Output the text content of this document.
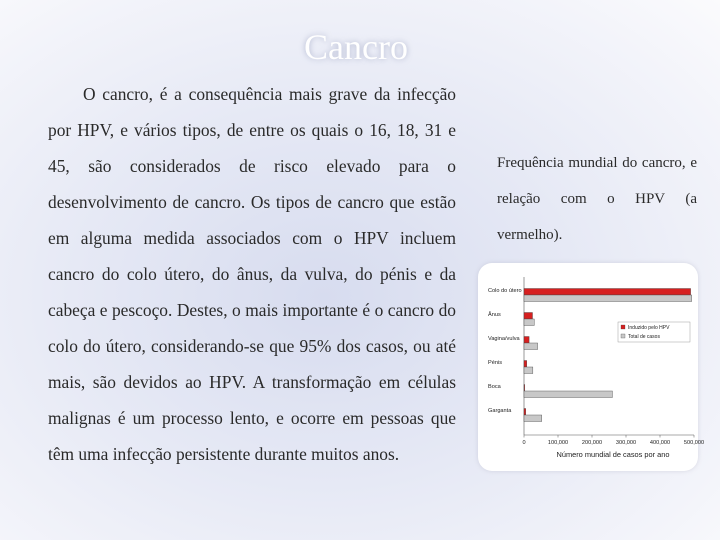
Cancro

O cancro, é a consequência mais grave da infecção por HPV, e vários tipos, de entre os quais o 16, 18, 31 e 45, são considerados de risco elevado para o desenvolvimento de cancro. Os tipos de cancro que estão em alguma medida associados com o HPV incluem cancro do colo útero, do ânus, da vulva, do pénis e da cabeça e pescoço. Destes, o mais importante é o cancro do colo do útero, considerando-se que 95% dos casos, ou até mais, são devidos ao HPV. A transformação em células malignas é um processo lento, e ocorre em pessoas que têm uma infecção persistente durante muitos anos.

Frequência mundial do cancro, e relação com o HPV (a vermelho).

Colo do útero
Ânus
Vagina/vulva
Pénis
Boca
Garganta
0	100,000 200,000 300,000 400,000 500,000
Número mundial de casos por ano
Induzido pelo HPV
Total de casos
